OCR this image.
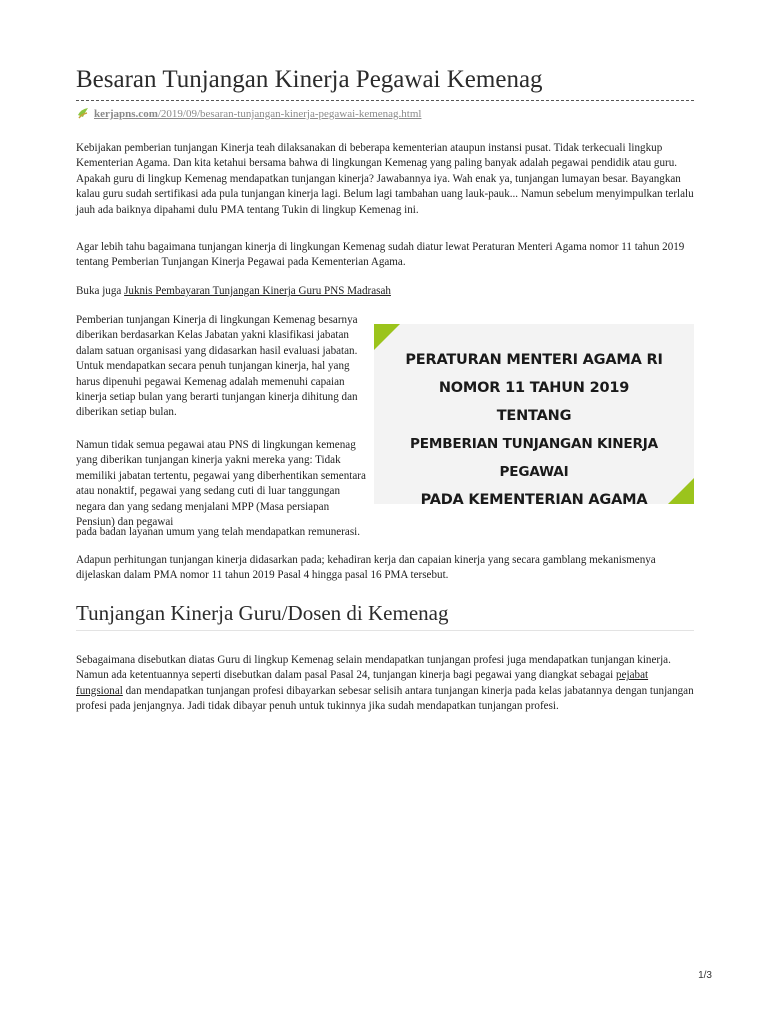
Besaran Tunjangan Kinerja Pegawai Kemenag
kerjapns.com/2019/09/besaran-tunjangan-kinerja-pegawai-kemenag.html

Kebijakan pemberian tunjangan Kinerja teah dilaksanakan di beberapa kementerian ataupun instansi pusat. Tidak terkecuali lingkup Kementerian Agama. Dan kita ketahui bersama bahwa di lingkungan Kemenag yang paling banyak adalah pegawai pendidik atau guru. Apakah guru di lingkup Kemenag mendapatkan tunjangan kinerja? Jawabannya iya. Wah enak ya, tunjangan lumayan besar. Bayangkan kalau guru sudah sertifikasi ada pula tunjangan kinerja lagi. Belum lagi tambahan uang lauk-pauk... Namun sebelum menyimpulkan terlalu jauh ada baiknya dipahami dulu PMA tentang Tukin di lingkup Kemenag ini.

Agar lebih tahu bagaimana tunjangan kinerja di lingkungan Kemenag sudah diatur lewat Peraturan Menteri Agama nomor 11 tahun 2019 tentang Pemberian Tunjangan Kinerja Pegawai pada Kementerian Agama.

Buka juga Juknis Pembayaran Tunjangan Kinerja Guru PNS Madrasah

Pemberian tunjangan Kinerja di lingkungan Kemenag besarnya diberikan berdasarkan Kelas Jabatan yakni klasifikasi jabatan dalam satuan organisasi yang didasarkan hasil evaluasi jabatan. Untuk mendapatkan secara penuh tunjangan kinerja, hal yang harus dipenuhi pegawai Kemenag adalah memenuhi capaian kinerja setiap bulan yang berarti tunjangan kinerja dihitung dan diberikan setiap bulan.

Namun tidak semua pegawai atau PNS di lingkungan kemenag yang diberikan tunjangan kinerja yakni mereka yang: Tidak memiliki jabatan tertentu, pegawai yang diberhentikan sementara atau nonaktif, pegawai yang sedang cuti di luar tanggungan negara dan yang sedang menjalani MPP (Masa persiapan Pensiun) dan pegawai

pada badan layanan umum yang telah mendapatkan remunerasi.

PERATURAN MENTERI AGAMA RI
NOMOR 11 TAHUN 2019
TENTANG
PEMBERIAN TUNJANGAN KINERJA PEGAWAI
PADA KEMENTERIAN AGAMA

Adapun perhitungan tunjangan kinerja didasarkan pada; kehadiran kerja dan capaian kinerja yang secara gamblang mekanismenya dijelaskan dalam PMA nomor 11 tahun 2019 Pasal 4 hingga pasal 16 PMA tersebut.

Tunjangan Kinerja Guru/Dosen di Kemenag

Sebagaimana disebutkan diatas Guru di lingkup Kemenag selain mendapatkan tunjangan profesi juga mendapatkan tunjangan kinerja. Namun ada ketentuannya seperti disebutkan dalam pasal Pasal 24, tunjangan kinerja bagi pegawai yang diangkat sebagai pejabat fungsional dan mendapatkan tunjangan profesi dibayarkan sebesar selisih antara tunjangan kinerja pada kelas jabatannya dengan tunjangan profesi pada jenjangnya. Jadi tidak dibayar penuh untuk tukinnya jika sudah mendapatkan tunjangan profesi.

1/3
